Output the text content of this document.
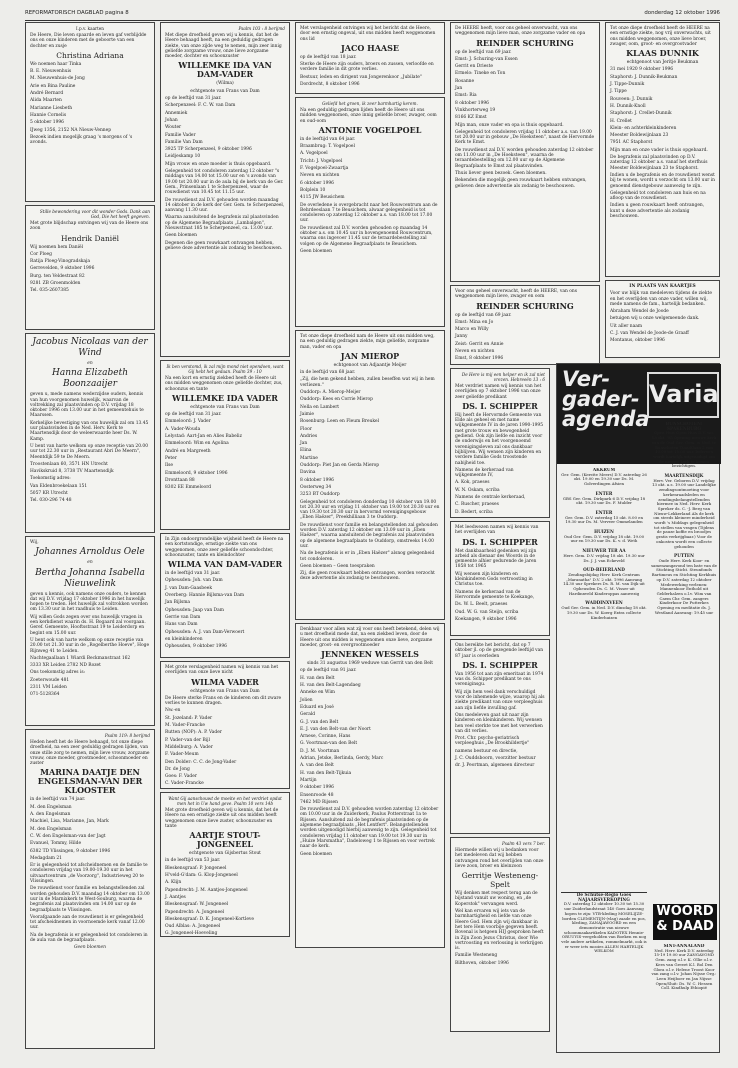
REFORMATORISCH DAGBLAD pagina 8	donderdag 12 oktober 1996

I.p.v. kaarten

De Heere, Die leven spaarde en leven gaf verblijdde ons en onze kinderen met de geboorte van een dochter en zusje

Christina Adriana

We noemen haar Tinka

B. E. Nieuwenhuis

M. Nieuwenhuis-de Jong

Arie en Bina Pauline

André Bernard

Alida Maarten

Marianne Liesbeth

Hannie Cornelis

5 oktober 1996

IJweg 1356, 2152 NA Nieuw-Vennep

Bezoek indien mogelijk graag 's morgens of 's avonds.

Stille bewondering voor dit wonder Gods. Dank aan God, Die het heeft gegeven.

Met grote blijdschap ontvingen wij van de Heere ons zoon

Hendrik Daniël

Wij noemen hem Daniël

Cor Ploeg

Ratija Ploeg-Vinogradskaja

Gerrevelden, 9 oktober 1996

Burg. ten Veldestraat 82

9281 ZB Groenmolden

Tel. 035-2607385

Jacobus Nicolaas van der Wind

en

Hanna Elizabeth Boonzaaijer

geven u, mede namens wederzijdse ouders, kennis van hun voorgenomen huwelijk, waarvan de voltrekking zal plaatsvinden op D.V. vrijdag 18 oktober 1996 om 13.00 uur in het gemeentehuis te Maarssen.

Kerkelijke bevestiging van ons huwelijk zal om 13.45 uur plaatsvinden in de Ned. Herv. Kerk te Maartensdijk door de weleerwaarde heer Ds. W. Kamp.

U bent van harte welkom op onze receptie van 20.00 uur tot 22.30 uur in „Restaurant Abri De Meern", Meentdijk 59 te De Meern.

Troostenlaan 60, 3571 HN Utrecht

Havikskruid 8, 3738 TV Maartensdijk

Toekomstig adres:

Van Eldenbroekelaan 151

5057 KR Utrecht

Tel. 030-296 74 48

Wij,

Johannes Arnoldus Oele

en

Bertha Johanna Isabella Nieuwelink

geven u kennis, ook namens onze ouders, te kennen dat wij D.V. vrijdag 17 oktober 1996 in het huwelijk hopen te treden. Het huwelijk zal voltrokken worden om 13.30 uur in het raadhuis te Leiden.

Wij willen Gods zegen over ons huwelijk vragen in een kerkdienst waarin ds. H. Bogaard zal voorgaan. Geref. Gemeente, Hooftsstraat 19 te Leiderdorp en begint om 15.00 uur.

U bent ook van harte welkom op onze receptie van 20.00 tot 21.30 uur in de „Rogelberthe Hoeve", Hoge Rijnweg 41 te Leiden.

Nachtegaallaan 1 Wiardi Beckmanstraat 162

3333 XR Leiden 2782 ND Rozet

Ons toekomstig adres is:

Zoeterwoude 481

2311 VM Leiden

071-5128364

Psalm 119: 8 berijmd

Heden heeft het de Heere behaagd, tot onze diepe droefheid, na een zeer geduldig gedragen lijden, van onze stille zorg te nemen, mijn lieve vrouw, zorgzame vrouw, onze moeder, grootmoeder, schoonmoeder en zuster

MARINA DAATJE DEN ENGELSMAN-VAN DER KLOOSTER

in de leeftijd van 74 jaar.

M. den Engelsman

A. den Engelsman

Machiel, Lisa, Marianne, Jan, Mark

M. den Engelsman

C. W. den Engelsman-van der Jagt

Evanuel, Tommy, Hilde

6382 TD Vlissingen, 9 oktober 1996

Medagdam 21

Er is gelegenheid tot afscheidnemen en de familie te condoleren vrijdag van 19.00-19.30 uur in het uitvaartcentrum „de Voorzorg", Industrieweg 20 te Vlissingen.

De rouwdienst voor familie en belangstellenden zal worden gehouden D.V. maandag 14 oktober om 13.00 uur in de Marnixkerk te West-Souburg, waarna de begrafenis zal plaatsvinden om 14.00 uur op de begraafplaats te Vlissingen.

Voorafgaande aan de rouwdienst is er gelegenheid tot afscheidnemen in voornoemde kerk vanaf 12.00 uur.

Na de begrafenis is er gelegenheid tot condoleren in de aula van de begraafplaats.

Geen bloemen

Psalm 103 : 8 berijmd

Met diepe droefheid geven wij u kennis, dat het de Heere behaagd heeft, na een geduldig gedragen ziekte, van onze zijde weg te nemen, mijn zeer innig geliefde zorgzame vrouw, onze lieve zorgzame moeder, dochter en schoonzuster

WILLEMKE IDA VAN DAM-VADER

(Wilma)

echtgenote van Frans van Dam

op de leeftijd van 31 jaar.

Scherpenzeel: F. C. W. van Dam

Annemiek

Johan

Wouter

Familie Vader

Familie Van Dam

3925 TP Scherpenzeel, 9 oktober 1996

Leidjeskamp 10

Mijn vrouw en onze moeder is thuis opgebaard.

Gelegenheid tot condoleren zaterdag 12 oktober "s middags van 14.00 tot 15.00 uur en 's avonds van 19.00 tot 20.00 uur in de aula bij de kerk van de Ger. Gem., Prinsenlaan 1 te Scherpenzeel, waar de rouwdienst van 10.45 tot 11.15 uur.

De rouwdienst zal D.V. gehouden worden maandag 14 oktober in de kerk der Ger. Gem. te Scherpenzeel, aanvang 11.30 uur.

Waarna aansluitend de begrafenis zal plaatsvinden op de Algemene Begraafplaats „Lambalgen", Nieuwstraat 185 te Scherpenzeel, ca. 13.00 uur.

Geen bloemen

Degenen die geen rouwkaart ontvangen hebben, gelieve deze advertentie als zodanig te beschouwen.

Ik ben verstomd, ik zal mijn mond niet opendoen, want Gij hebt het gedaan. Psalm 39 : 10

Na een kort en ernstig ziekbed heeft de Heere uit ons midden weggenomen onze geliefde dochter, zus, schoonzus en tante

WILLEMKE IDA VADER

echtgenote van Frans van Dam

op de leeftijd van 31 jaar.

Emmeloord: J. Vader

A. Vader-Wouda

Lelystad: Aart-Jan en Alies Babeliz

Emmeloord: Wim en Agolina

André en Margreeth

Peter

Ilse

Emmeloord, 9 oktober 1996

Dronttaan 88

8302 EE Emmeloord

In Zijn ondoorgrondelijke wijsheid heeft de Heere na een kortstondige, ernstige ziekte van ons weggenomen, onze zeer geliefde schoondochter, schoonzuster, tante en kleindochter

WILMA VAN DAM-VADER

in de leeftijd van 31 jaar.

Opheusden: Joh. van Dam

J. van Dam-Gaasbeek

Overberg: Hannie Bijlsma-van Dam

Jan Bijlsma

Opheusden: Jaap van Dam

Gerrie van Dam

Hans van Dam

Opheusden: A. J. van Dam-Verwoert

en kleinkinderen

Opheusden, 9 oktober 1996

Met grote verslagenheid namen wij kennis van het overlijden van onze lieve nicht

WILMA VADER

echtgenote van Frans van Dam

De Heere sterke Frans en de kinderen om dit zware verlies te kunnen dragen.

Nw.-en

St. Jozeland: P. Vader

M. Vader-Francke

Rutten (NOP): A. P. Vader

P. Vader-van der Bijl

Middelburg: A. Vader

F. Vader-Meum

Den Dolder: C. C. de Jong-Vader

Dr. de Jong

Goes: F. Vader

C. Vader-Francke

Want Gij aanschouwt de moeite en het verdriet opdat men het in Uw hand geve. Psalm 10 vers 14b

Met grote droefheid geven wij u kennis, dat het de Heere na een ernstige ziekte uit ons midden heeft weggenomen onze lieve zuster, schoonzuster en tante

AARTJE STOUT-JONGENEEL

echtgenote van Gijsbertus Stout

in de leeftijd van 53 jaar.

Bleskensgraaf: P. Jongeneel

H'veld-G'dam: G. Klop-Jongeneel

A. Klijn

Papendrecht: J. M. Aantjes-Jongeneel

J. Aantjes

Bleskensgraaf: W. Jongeneel

Papendrecht: A. Jongeneel

Bleskensgraaf: D. K. Jongeneel-Kortleve

Oud Alblas: A. Jongeneel

G. Jongeneel-Hoeveling

Met verslagenheid ontvingen wij het bericht dat de Heere, door een ernstig ongeval, uit ons midden heeft weggenomen ons lid

JACO HAASE

op de leeftijd van 18 jaar.

Sterke de Heere zijn ouders, broers en zussen, verloofde en verdere familie in dit grote verlies.

Bestuur, leden en dirigent van Jongerenkoor „Jubilate"

Dordrecht, 8 oktober 1996

Geliefd het groen, ik zeer barmhartig kerem.

Na een geduldig gedragen lijden heeft de Heere uit ons midden weggenomen, onze innig geliefde broer, zwager, oom en oud-oom

ANTONIE VOGELPOEL

in de leeftijd van 64 jaar.

Braambrug: T. Vogelpoel

A. Vogelpoel

Tricht: J. Vogelpoel

F. Vogelpoel-Zwaartja

Neven en nichten

6 oktober 1996

Bolplein 10

4115 JW Beusichem

De overledene is overgebracht naar het Rouwcentrum aan de Behrdeeslaan 7 te Beusichem, alwaar gelegenheid is tot condoleren op zaterdag 12 oktober a.s. van 18.00 tot 17.00 uur.

De rouwdienst zal D.V. worden gehouden op maandag 14 oktober a.s. om 10.45 uur in hovengenoemd Rouwcentrum, waarna ons ingevoer 11.45 uur de teraardebestelling zal volgen op de Algemene Begraafplaats te Beusichem.

Geen bloemen

Tot onze diepe droefheid nam de Heere uit ons midden weg, na een geduldig gedragen ziekte, mijn geliefde, zorgzame man, vader en opa

JAN MIEROP

echtgenoot van Adjaantje Meijer

in de leeftijd van 68 jaar.

„Zij, die hem gekend hebben, zullen beseffen wat wij in hem verliezen."

Ouddorp: A. Mierop-Meijer

Ouddorp: Kees en Corrie Mierop

Nella en Lambert

Jaimie

Rosenburg: Leen en Fleum Breukel

Floor

Andries

Jan

Elina

Martine

Ouddorp: Piet Jan en Gerda Mierop

Davina

8 oktober 1996

Oosterweg 34

3253 BT Ouddorp

Gelegenheid tot condoleren donderdag 10 oktober van 19.00 tot 20.30 uur en vrijdag 11 oktober van 19.00 tot 20.30 uur en van 19.30 tot 20.30 uur in hervormd verenigingsgebouw „Eben Haëzer", Preekhilliaan 3 te Ouddorp.

De rouwdienst voor familie en belangstellenden zal gehouden worden D.V. zaterdag 12 oktober om 13.09 uur in „Eben Haëzer", waarna aansluitend de begrafenis zal plaatsvinden op de algemene begraafplaats te Ouddorp, omstreeks 14.00 uur.

Na de begrafenis is er in „Eben Haëzer" alsnog gelegenheid tot condoleren.

Geen bloemen – Geen toespraken

Zij, die geen rouwkaart hebben ontvangen, worden verzocht deze advertentie als zodanig te beschouwen.

Denkbaar voor allen wat zij voor ons heeft betekend, delen wij u met droefheid mede dat, na een ziekbed leven, door de Heere uit ons midden is weggenomen onze lieve, zorgzame moeder, groot- en overgrootmoeder

JENNEKEN WESSELS

sinds 31 augustus 1969 weduwe van Gerrit van den Belt

op de leeftijd van 91 jaar.

H. van den Belt

H. van den Belt-Lagendaeg

Anneke en Wim

Jolien

Eduard en José

Gerald

G. J. van den Belt

E. J. van den Belt-van der Noort

Arnese, Corinne, Hans

G. Voortman-van den Belt

D. J. M. Voortman

Adrian, Jetske, Berlinda, Gerdy, Marc

A. van den Belt

H. van den Belt-Tijkuia

Martijn

9 oktober 1996

Ensenroode 48

7462 MD Rijssen

De rouwdienst zal D.V. gehouden worden zaterdag 12 oktober om 10.00 uur in de Zuiderkerk, Paulus Potterstraat 1a te Rijssen. Aansluitend zal de begrafenis plaatsvinden op de algemene begraafplaats „Het Lentfert". Belangstellenden worden uitgenodigd hierbij aanwezig te zijn. Gelegenheid tot condoleren vrijdag 11 oktober van 19.00 tot 19.30 uur in „Huize Marsmatha", Dadeloweg 1 te Rijssen en voor vertrek naar de kerk.

Geen bloemen

De HEERE heeft, voor ons geheel onverwacht, van ons weggenomen mijn lieve man, onze zorgzame vader en opa

REINDER SCHURING

op de leeftijd van 69 jaar.

Emst: J. Schuring-van Essen

Gerrit en Drieste

Ermelo: Tineke en Ton

Rosanne

Jan

Emst: Ria

8 oktober 1996

Vinkhorterweg 19

8166 KZ Emst

Mijn man, onze vader en opa is thuis opgebaard.

Gelegenheid tot condoleren vrijdag 11 oktober a.s. van 19.00 tot 20.00 uur in gebouw „De Hoeksteen", naast de Hervormde Kerk te Emst.

De rouwdienst zal D.V. worden gehouden zaterdag 12 oktober om 11.00 uur in „De Hoeksteen", waarna de teraardebestelling om 12.00 uur op de Algemene Begraafplaats te Emst zal plaatsvinden.

Thuis liever geen bezoek. Geen bloemen.

Bekenden die mogelijk geen rouwkaart hebben ontvangen, gelieven deze advertentie als zodanig te beschouwen.

Voor ons geheel onverwacht, heeft de HEERE, van ons weggenomen mijn lieve, zwager en oom

REINDER SCHURING

op de leeftijd van 69 jaar.

Emst: Mina en Jo

Marco en Willy

Janny

Zeist: Gerrit en Annie

Neven en nichten

Emst, 8 oktober 1996

De Here is mij een helper en ik zal niet vrezen. Hebreeën 13 : 6

Met verdriet namen wij kennis van het overlijden op 7 oktober 1996 van onze zeer geliefde predikant

DS. I. SCHIPPER

Hij heeft de Hervormde Gemeente van Elde als geheel en met name wijkgemeente IV in de jaren 1990-1995 met grote trouw en bewogenheid gediend. Ook zijn liefde en inzicht voor de onderwijs en het voorgenoemd verenigingsleven zal ons dankbaar bijblijven. Wij wensen zijn kinderen en verdere familie Gods troostende nabijheid toe.

Namens de kerkeraad van wijkgemeente IV,

A. Kok, praeses

W. N. Oskam, scriba

Namens de centrale kerkeraad,

C. Ruscher, praeses

D. Bedert, scriba

Met leedwezen namen wij kennis van het overlijden van

DS. I. SCHIPPER

Met dankbaarheid gedenken wij zijn arbeid als dienaar des Woords in de gemeente alhier gedurende de jaren 1858 tot 1965

Wij wensen zijn kinderen en kleinkinderen Gods vertroosting in Christus toe.

Namens de kerkeraad van de Hervormde gemeente te Koekange,

Ds. W. L. Beelt, praeses

Oud. W. G. van Steijn, scriba

Koekangen, 9 oktober 1996

Ons bereikte het bericht, dat op 7 oktober jl. op de gezegende leeftijd van 87 jaar is overleden

DS. I. SCHIPPER

Van 1956 tot aan zijn emeritaat in 1974 was ds. Schipper predikant te ons vereniginsgu.

Wij zijn hem veel dank verschuldigd voor de inhemende wijze, waarop hij als ziekte predikant van onze verpleeghuis aan zijn liefde invulling gaf.

Ons medeleven gaat uit naar zijn kinderen en kleinkinderen. Wij wensen hen veel sterkte toe met het verwerken van dit verlies.

Prot. Chr. psycho-geriatrisch verpleeghuis „De Brookhildertje"

namens bestuur en directie,

J. C. Ouddsboorn, voorzitter bestuur

dr. J. Peortman, algemeen directeur

Psalm 43 vers 7 ber.

Hiermede willen wij u bedanken voor het medeleven dat wij hebben ontvangen rond het overlijden van onze lieve zoon, broer en kleinzoon

Gerritje Westeneng-Spelt

Wij denken met respect terug aan de bijstand vanuit uw woning, en „de Koperstok" vervangen werd.

Wel kan ervaren wij iets van de barmhartigheid en liefde van onze Heere God. Hem zijn wij dankbaar in het tere Hem voorbije gegeven heeft. Bovenal is hetgeen HIJ gesproken heeft in Zijn Zoon Jezus Christus, door Wie vertroosting en verlossing is verkrijgen is.

Familie Westeneng

Bilthoven, oktober 1996

Tot onze diepe droefheid heeft de HEERE na een ernstige ziekte, nog vrij onverwachts, uit ons midden weggenomen, onze lieve broer, zwager, oom, groot- en overgrootvader

KLAAS DUNNIK

echtgenoot van Jeritje Beukman

31 mei 1920 9 oktober 1996

Staphorst: J. Dunnik-Beukman

J. Tippe-Dunnik

J. Tippe

Rouveen: J. Dunnik

H. Dunnik-Knoll

Staphorst: J. Crellet-Dunnik

H. Crellet

Klein- en achterkleinkinderen

Meester Boldewijnlaan 23

7951 AC Staphorst

Mijn man en onze vader is thuis opgebaard.

De begrafenis zal plaatsvinden op D.V. zaterdag 12 oktober a.s. vanaf het sterfhuis Meester Boldewijnlaan 23 te Staphorst.

Indien u de begrafenis en de rouwdienst wenst bij te wonen, wordt u verzocht om 13.00 uur in genoemd dienstgebouw aanwezig te zijn.

Gelegenheid tot condoleren aan huis en na afloop van de rouwdienst.

Indien u geen rouwkaart heeft ontvangen, kunt u deze advertentie als zodanig beschouwen.

IN PLAATS VAN KAARTJES

Voor uw blijk van medeleven tijdens de ziekte en het overlijden van onze vader, willen wij, mede namens de fam., hartelijk bedanken.

Abraham Wendel de Joode

betuigen wij u onze welgemeende dank.

Uit aller naam

C. J. van Wendel de Joode-de Graaff

Montanus, oktober 1996

Ver-gader-agenda
Varia
AKKRUM
Ger. Gem. (Kerstte Meers) D.V. zaterdag 26 okt. 19.00 en 19.30 uur Ds. M. Golverdingen Afsien
ENTER
GBS Ger. Gem. Dirkpark 6 D.V. vrijdag 18 okt. 19.30 uur Ds. F. Mulder
ENTER
Ger. Gem. D.V. zaterdag 15 okt. 8.00 en 19.30 uur Ds. M. Verveer Ommelanden
HUIZEN
Oud Ger. Gem. D.V. vrijdag 18 okt. 19.00 uur en 19.30 uur Ds. K. v. d. Weth
NIEUWER TER AA
Herv. Gem. D.V. vrijdag 18 okt. 19.30 uur Ds. J. J. van Eckeveld
OUD-BEIERLAND
Zendingsbijdag Herv. Kerk Centrum „Maranatha" D.V. 2 okt. 1996 Aanvang 14.30 uur Sprekers Ds. R. M. van Dijk uit Opheusden Ds. C. M. Visser uit Hardinxveld Kinderoppas aanwezig
WADDINXVEEN
Oud Ger. Gem. in Ned. D.V. dinsdag 18 okt. 19.30 uur Ds. W. Koerg Extra collecte Kinderhuizen
BUNSCHOTEN/ SPAKENBURG
Open Huis Open Huis D.V. wo. 13 okt. '95 Opening nieuwe kerk van de Oud Ger. Gem. in Ned. te Bunschoten Tuindtlaan 2 van 10.00 tot 15.00 uur. Iedereen wordt hartelijk uitgenodigd om de nieuwe kerk te komen bezichtigen.
MAARTENSDIJK
Herv. Ver. Geboren D.V. vrijdag 13 okt. a.s. 19.00 uur Landelijke zendingsontmoeting voor kerkenraadsleden en zendingsbelangstellenden hiermee in Ned. Herv. Kerk Spreker ds. C. -J. Berg van Nieuw-Lekkerland Als de kerk om steeds kleinere minderheid wordt 's Middags gelegenheid tot stellen van vragen (Tijdens de pauze koffie en broodjes gratis verkrijgbaar.) Voor de onkosten wordt een collecte gehouden
PUTTEN
Oude Herv. Kerk Koor- en samenzangavond ten bate van de Stichting Sticht. Steunfonds Bartimeus en Stichting Kerkhuis op D.V. zaterdag 12 oktober Medewerking verlenen: Mannenkoor Enthold uit Gelderhalzen o.l.v. Wim van Caem Chr. Gem. zangers Kinderkoor De Putterkes Opening en meditatie ds. J. Westland Aanvang: 19.45 uur
De Schutse-Regio Goes NAJAARSVERKOPING
D.V. zaterdag 12 oktober 10.30 tot 15.30 uur Zuiderlandstraat 140 Goes Aanvang hopen te zijn: VTB-kleding MOSELIJZE-borden CLEMENTIJN-(vlag) zaade en pos, kleding, ZANAJAWOORD en een demonstratie van nieuwe schoonmaakartikelen KADOTEX Hennie-ORUUYIS-vergeholden van Boeken en nog vele andere artikelen, rommelmarkt, ook is er weer iets mooies ALLEN HARTELIJK WELKOM
WOORD & DAAD
SINT-ANNALAND
Ned. Herv. Kerk D.V. zaterdag 15-19 19.00 uur ZANGAVOND Gem. zang o.l.v. K. Ollie o.l.v. Kees van Greeet K.l. Bol Den Glora o.l.v. Helene Troost Koor van zang o.l.v. Johan Nijsse Org.: Leen Heijboer en Jan Nijsse Open/Sluit: Ds. W. C. Hessen Coll. Kindhulp Ethiopië
